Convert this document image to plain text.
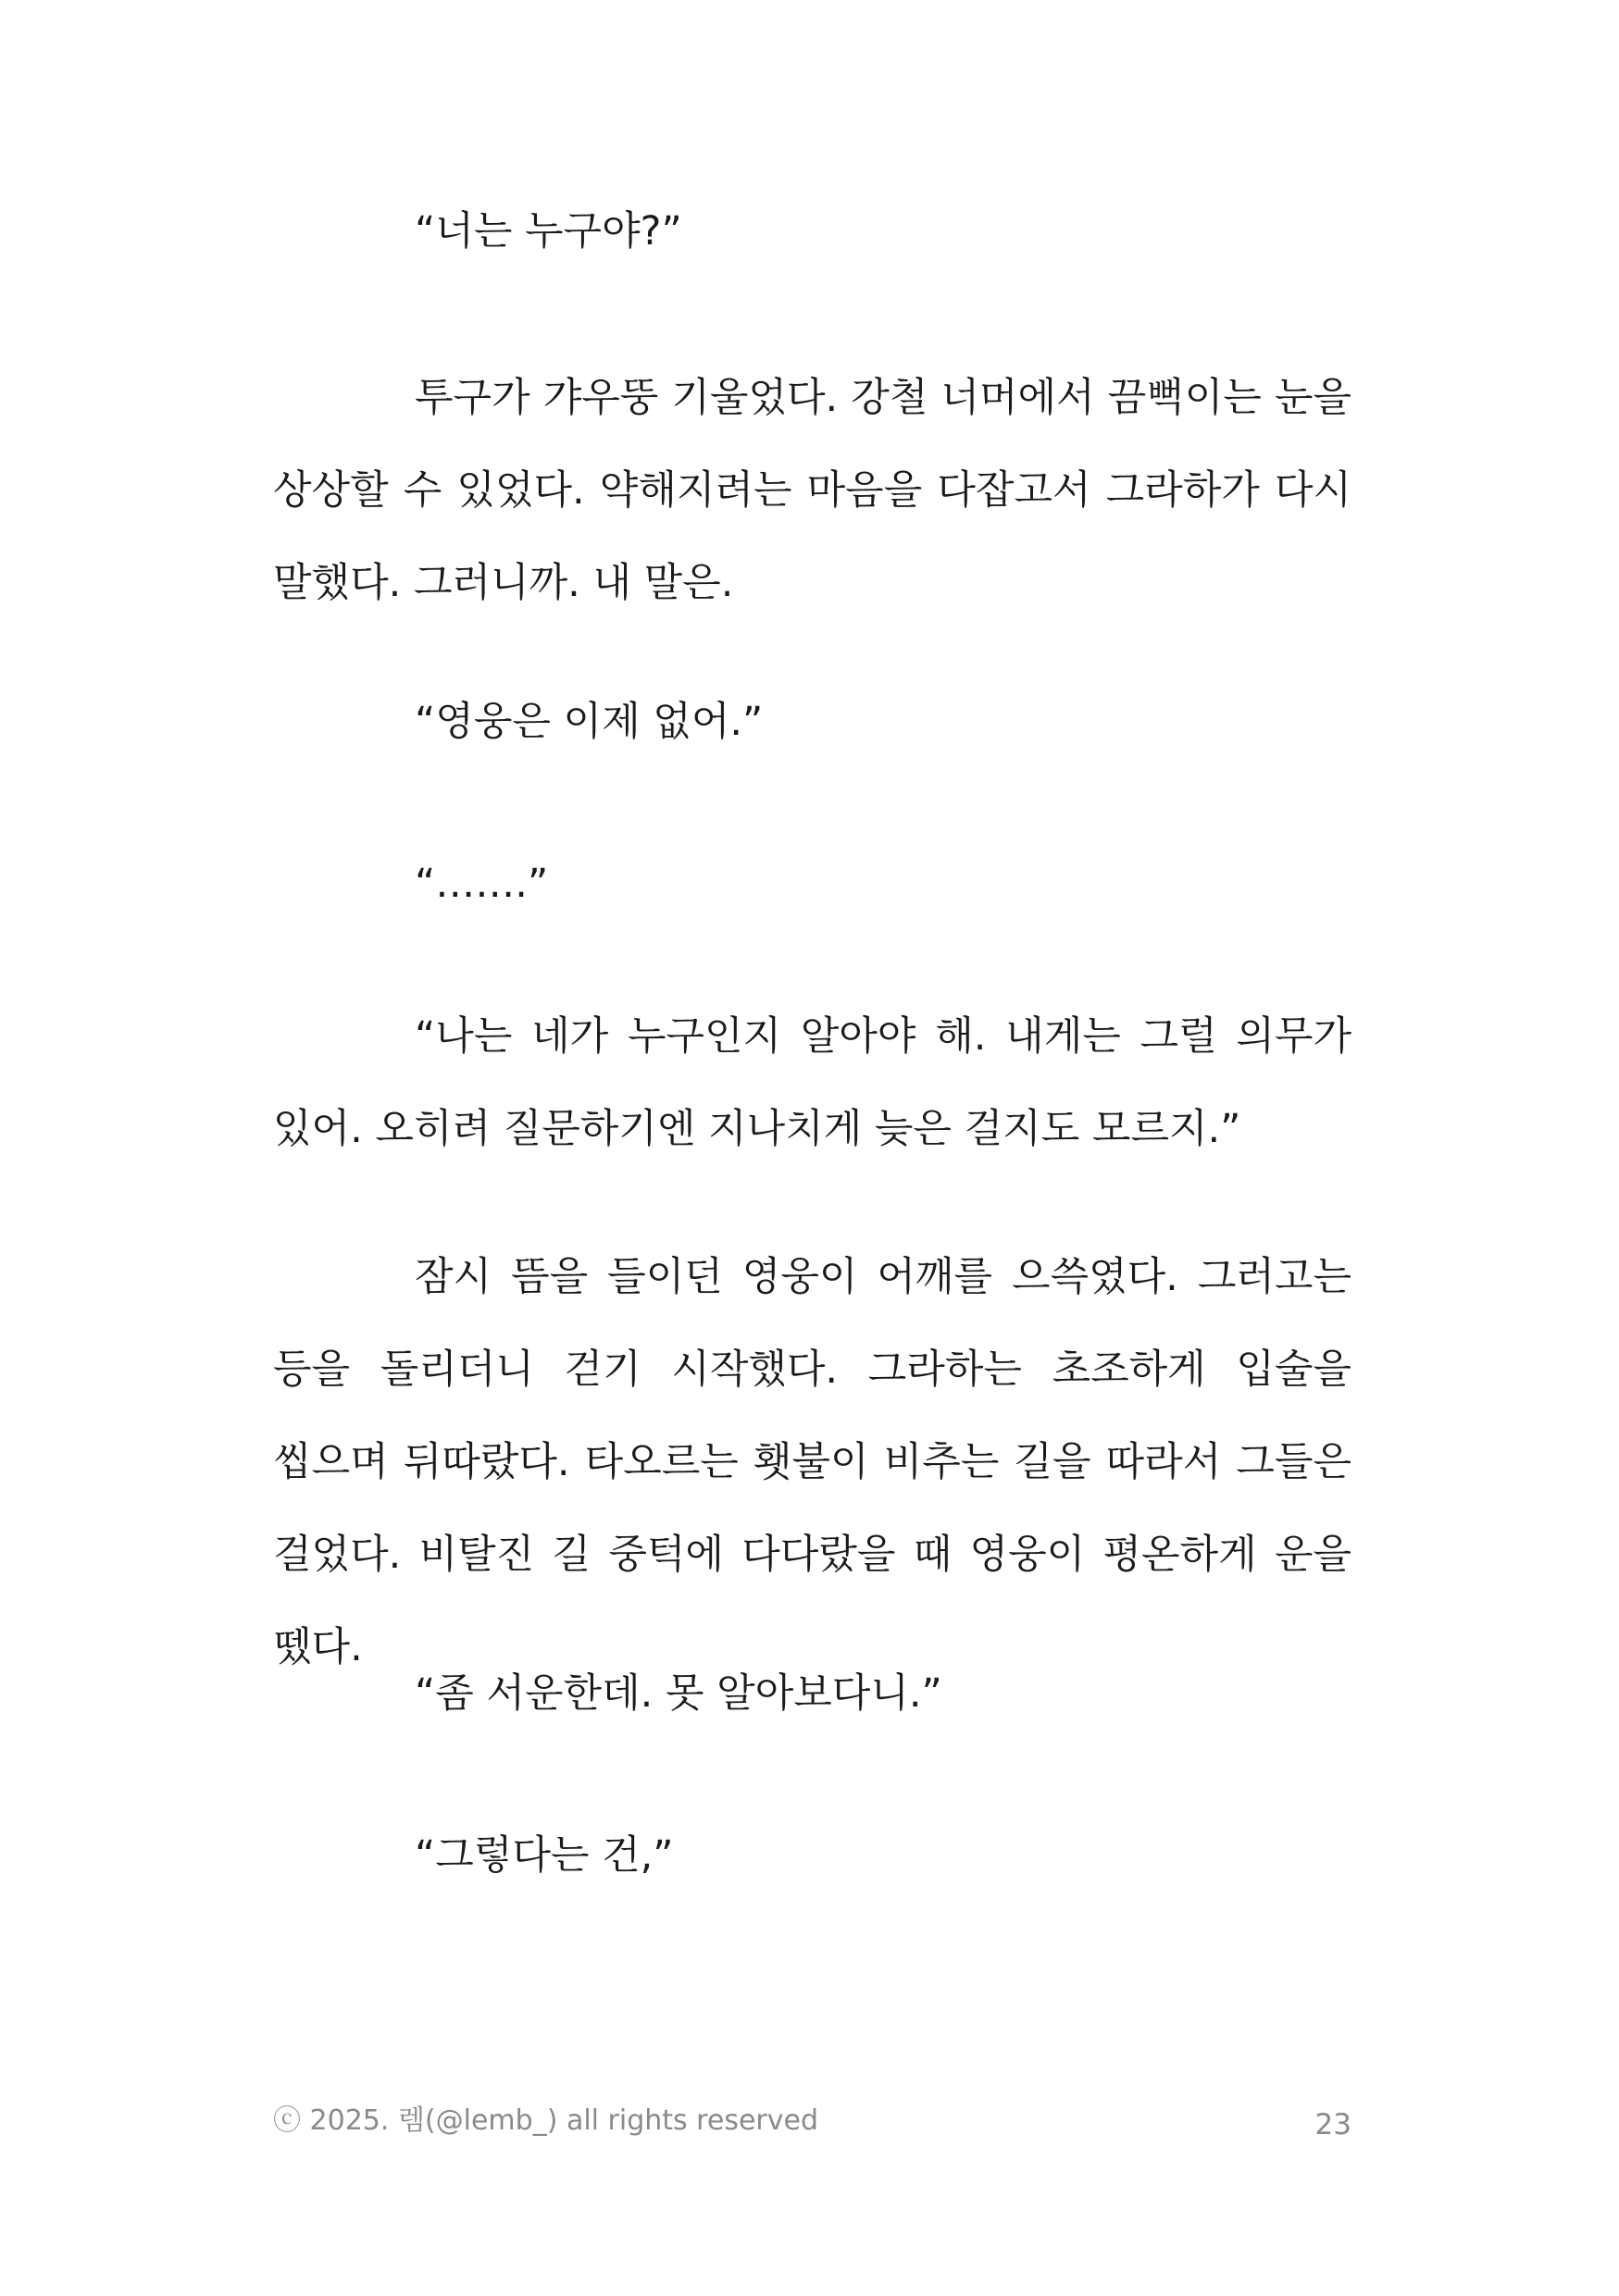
“너는 누구야?”

투구가 갸우뚱 기울었다. 강철 너머에서 끔뻑이는 눈을 상상할 수 있었다. 약해지려는 마음을 다잡고서 그라하가 다시 말했다. 그러니까. 내 말은.

“영웅은 이제 없어.”

“…….”

“나는 네가 누구인지 알아야 해. 내게는 그럴 의무가 있어. 오히려 질문하기엔 지나치게 늦은 걸지도 모르지.”

잠시 뜸을 들이던 영웅이 어깨를 으쓱였다. 그러고는 등을 돌리더니 걷기 시작했다. 그라하는 초조하게 입술을 씹으며 뒤따랐다. 타오르는 횃불이 비추는 길을 따라서 그들은 걸었다. 비탈진 길 중턱에 다다랐을 때 영웅이 평온하게 운을 뗐다.

“좀 서운한데. 못 알아보다니.”

“그렇다는 건,”

ⓒ 2025. 렘(@lemb_) all rights reserved	23
